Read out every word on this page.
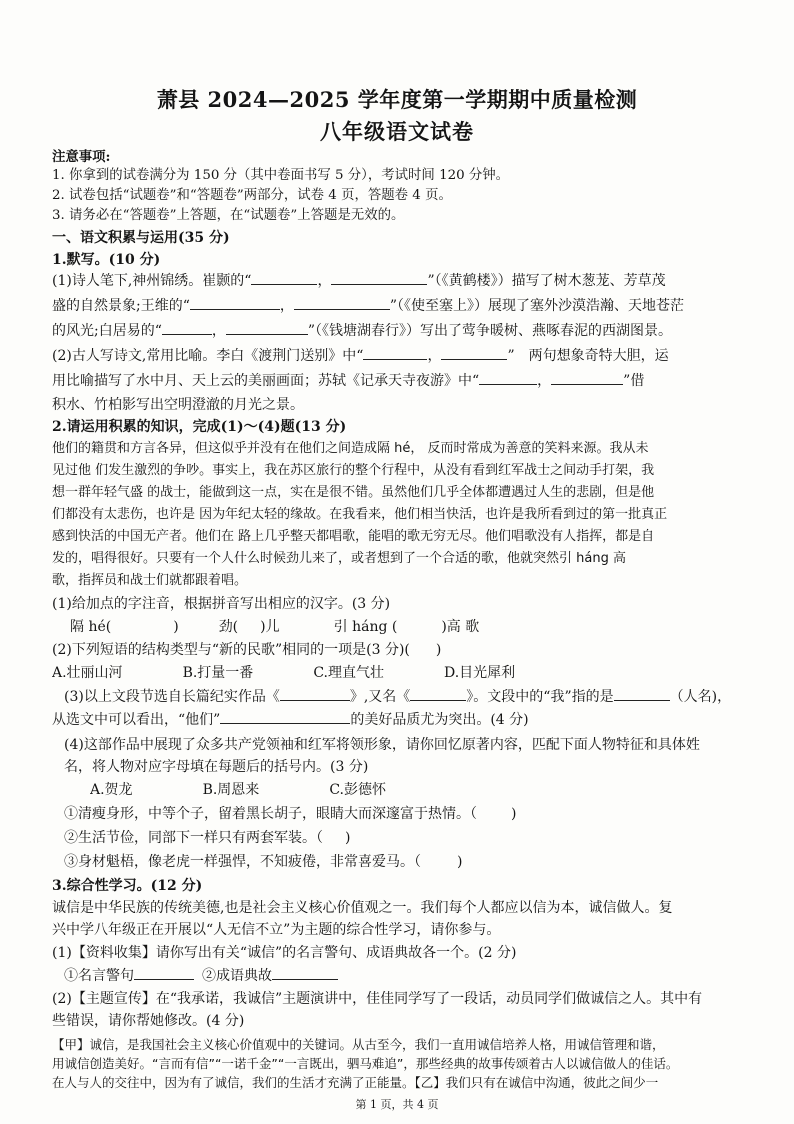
萧县 2024—2025 学年度第一学期期中质量检测
八年级语文试卷
注意事项:
1. 你拿到的试卷满分为 150 分（其中卷面书写 5 分），考试时间 120 分钟。
2. 试卷包括“试题卷”和“答题卷”两部分，试卷 4 页，答题卷 4 页。
3. 请务必在“答题卷”上答题，在“试题卷”上答题是无效的。
一、语文积累与运用(35 分)
1.默写。(10 分)
(1)诗人笔下,神州锦绣。崔颢的“	，	”（《黄鹤楼》）描写了树木葱茏、芳草茂
盛的自然景象;王维的“	，	”（《使至塞上》）展现了塞外沙漠浩瀚、天地苍茫
的风光;白居易的“	，	”（《钱塘湖春行》）写出了莺争暖树、燕啄春泥的西湖图景。
(2)古人写诗文,常用比喻。李白《渡荆门送别》中“	，	” 两句想象奇特大胆，运
用比喻描写了水中月、天上云的美丽画面；苏轼《记承天寺夜游》中“	，	”借
积水、竹柏影写出空明澄澈的月光之景。
2.请运用积累的知识，完成(1)～(4)题(13 分)
他们的籍贯和方言各异，但这似乎并没有在他们之间造成隔 hé， 反而时常成为善意的笑料来源。我从未
见过他 们发生激烈的争吵。事实上，我在苏区旅行的整个行程中，从没有看到红军战士之间动手打架，我
想一群年轻气盛 的战士，能做到这一点，实在是很不错。虽然他们几乎全体都遭遇过人生的悲剧，但是他
们都没有太悲伤，也许是 因为年纪太轻的缘故。在我看来，他们相当快活，也许是我所看到过的第一批真正
感到快活的中国无产者。他们在 路上几乎整天都唱歌，能唱的歌无穷无尽。他们唱歌没有人指挥，都是自
发的，唱得很好。只要有一个人什么时候劲儿来了，或者想到了一个合适的歌，他就突然引 háng 高
歌，指挥员和战士们就都跟着唱。
(1)给加点的字注音，根据拼音写出相应的汉字。(3 分)
隔 hé(	)	劲( )儿	引 háng (	)高 歌
(2)下列短语的结构类型与“新的民歌”相同的一项是(3 分)( )
A.壮丽山河	B.打量一番	C.理直气壮	D.目光犀利
(3)以上文段节选自长篇纪实作品《	》,又名《	》。文段中的“我”指的是	（人名)，
从选文中可以看出，“他们”	的美好品质尤为突出。(4 分)
(4)这部作品中展现了众多共产党领袖和红军将领形象，请你回忆原著内容，匹配下面人物特征和具体姓
名，将人物对应字母填在每题后的括号内。(3 分)
A.贺龙	B.周恩来	C.彭德怀
①清瘦身形，中等个子，留着黑长胡子，眼睛大而深邃富于热情。（ )
②生活节俭，同部下一样只有两套军装。（ )
③身材魁梧，像老虎一样强悍，不知疲倦，非常喜爱马。（	)
3.综合性学习。(12 分)
诚信是中华民族的传统美德,也是社会主义核心价值观之一。我们每个人都应以信为本，诚信做人。复
兴中学八年级正在开展以“人无信不立”为主题的综合性学习，请你参与。
(1)【资料收集】请你写出有关“诚信”的名言警句、成语典故各一个。(2 分)
①名言警句	②成语典故
(2)【主题宣传】在“我承诺，我诚信”主题演讲中，佳佳同学写了一段话，动员同学们做诚信之人。其中有
些错误，请你帮她修改。(4 分)
【甲】诚信，是我国社会主义核心价值观中的关键词。从古至今，我们一直用诚信培养人格，用诚信管理和谐，
用诚信创造美好。“言而有信”“一诺千金”“一言既出，驷马难追”，那些经典的故事传颂着古人以诚信做人的佳话。
在人与人的交往中，因为有了诚信，我们的生活才充满了正能量。【乙】我们只有在诚信中沟通，彼此之间少一
第 1 页，共 4 页
